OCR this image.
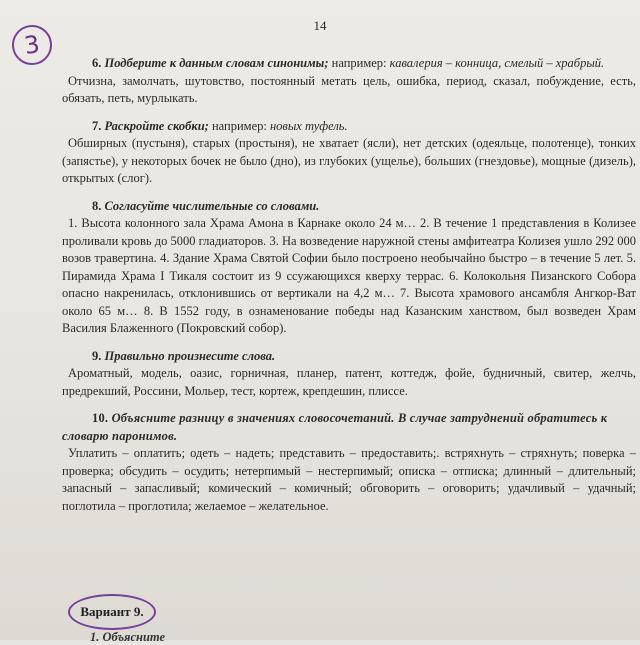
14
3
6. Подберите к данным словам синонимы; например: кавалерия – конница, смелый – храбрый.
Отчизна, замолчать, шутовство, постоянный метать цель, ошибка, период, сказал, побуждение, есть, обязать, петь, мурлыкать.
7. Раскройте скобки; например: новых туфель.
Обширных (пустыня), старых (простыня), не хватает (ясли), нет детских (одеяльце, полотенце), тонких (запястье), у некоторых бочек не было (дно), из глубоких (ущелье), больших (гнездовье), мощные (дизель), открытых (слог).
8. Согласуйте числительные со словами.
1. Высота колонного зала Храма Амона в Карнаке около 24 м… 2. В течение 1 представления в Колизее проливали кровь до 5000 гладиаторов. 3. На возведение наружной стены амфитеатра Колизея ушло 292 000 возов травертина. 4. Здание Храма Святой Софии было построено необычайно быстро – в течение 5 лет. 5. Пирамида Храма I Тикаля состоит из 9 ссужающихся кверху террас. 6. Колокольня Пизанского Собора опасно накренилась, отклонившись от вертикали на 4,2 м… 7. Высота храмового ансамбля Ангкор-Ват около 65 м… 8. В 1552 году, в ознаменование победы над Казанским ханством, был возведен Храм Василия Блаженного (Покровский собор).
9. Правильно произнесите слова.
Ароматный, модель, оазис, горничная, планер, патент, коттедж, фойе, будничный, свитер, желчь, предрекший, Россини, Мольер, тест, кортеж, крепдешин, плиссе.
10. Объясните разницу в значениях словосочетаний. В случае затруднений обратитесь к словарю паронимов.
Уплатить – оплатить; одеть – надеть; представить – предоставить;. встряхнуть – стряхнуть; поверка – проверка; обсудить – осудить; нетерпимый – нестерпимый; описка – отписка; длинный – длительный; запасный – запасливый; комический – комичный; обговорить – оговорить; удачливый – удачный; поглотила – проглотила; желаемое – желательное.
Вариант 9.
1. Объясните
